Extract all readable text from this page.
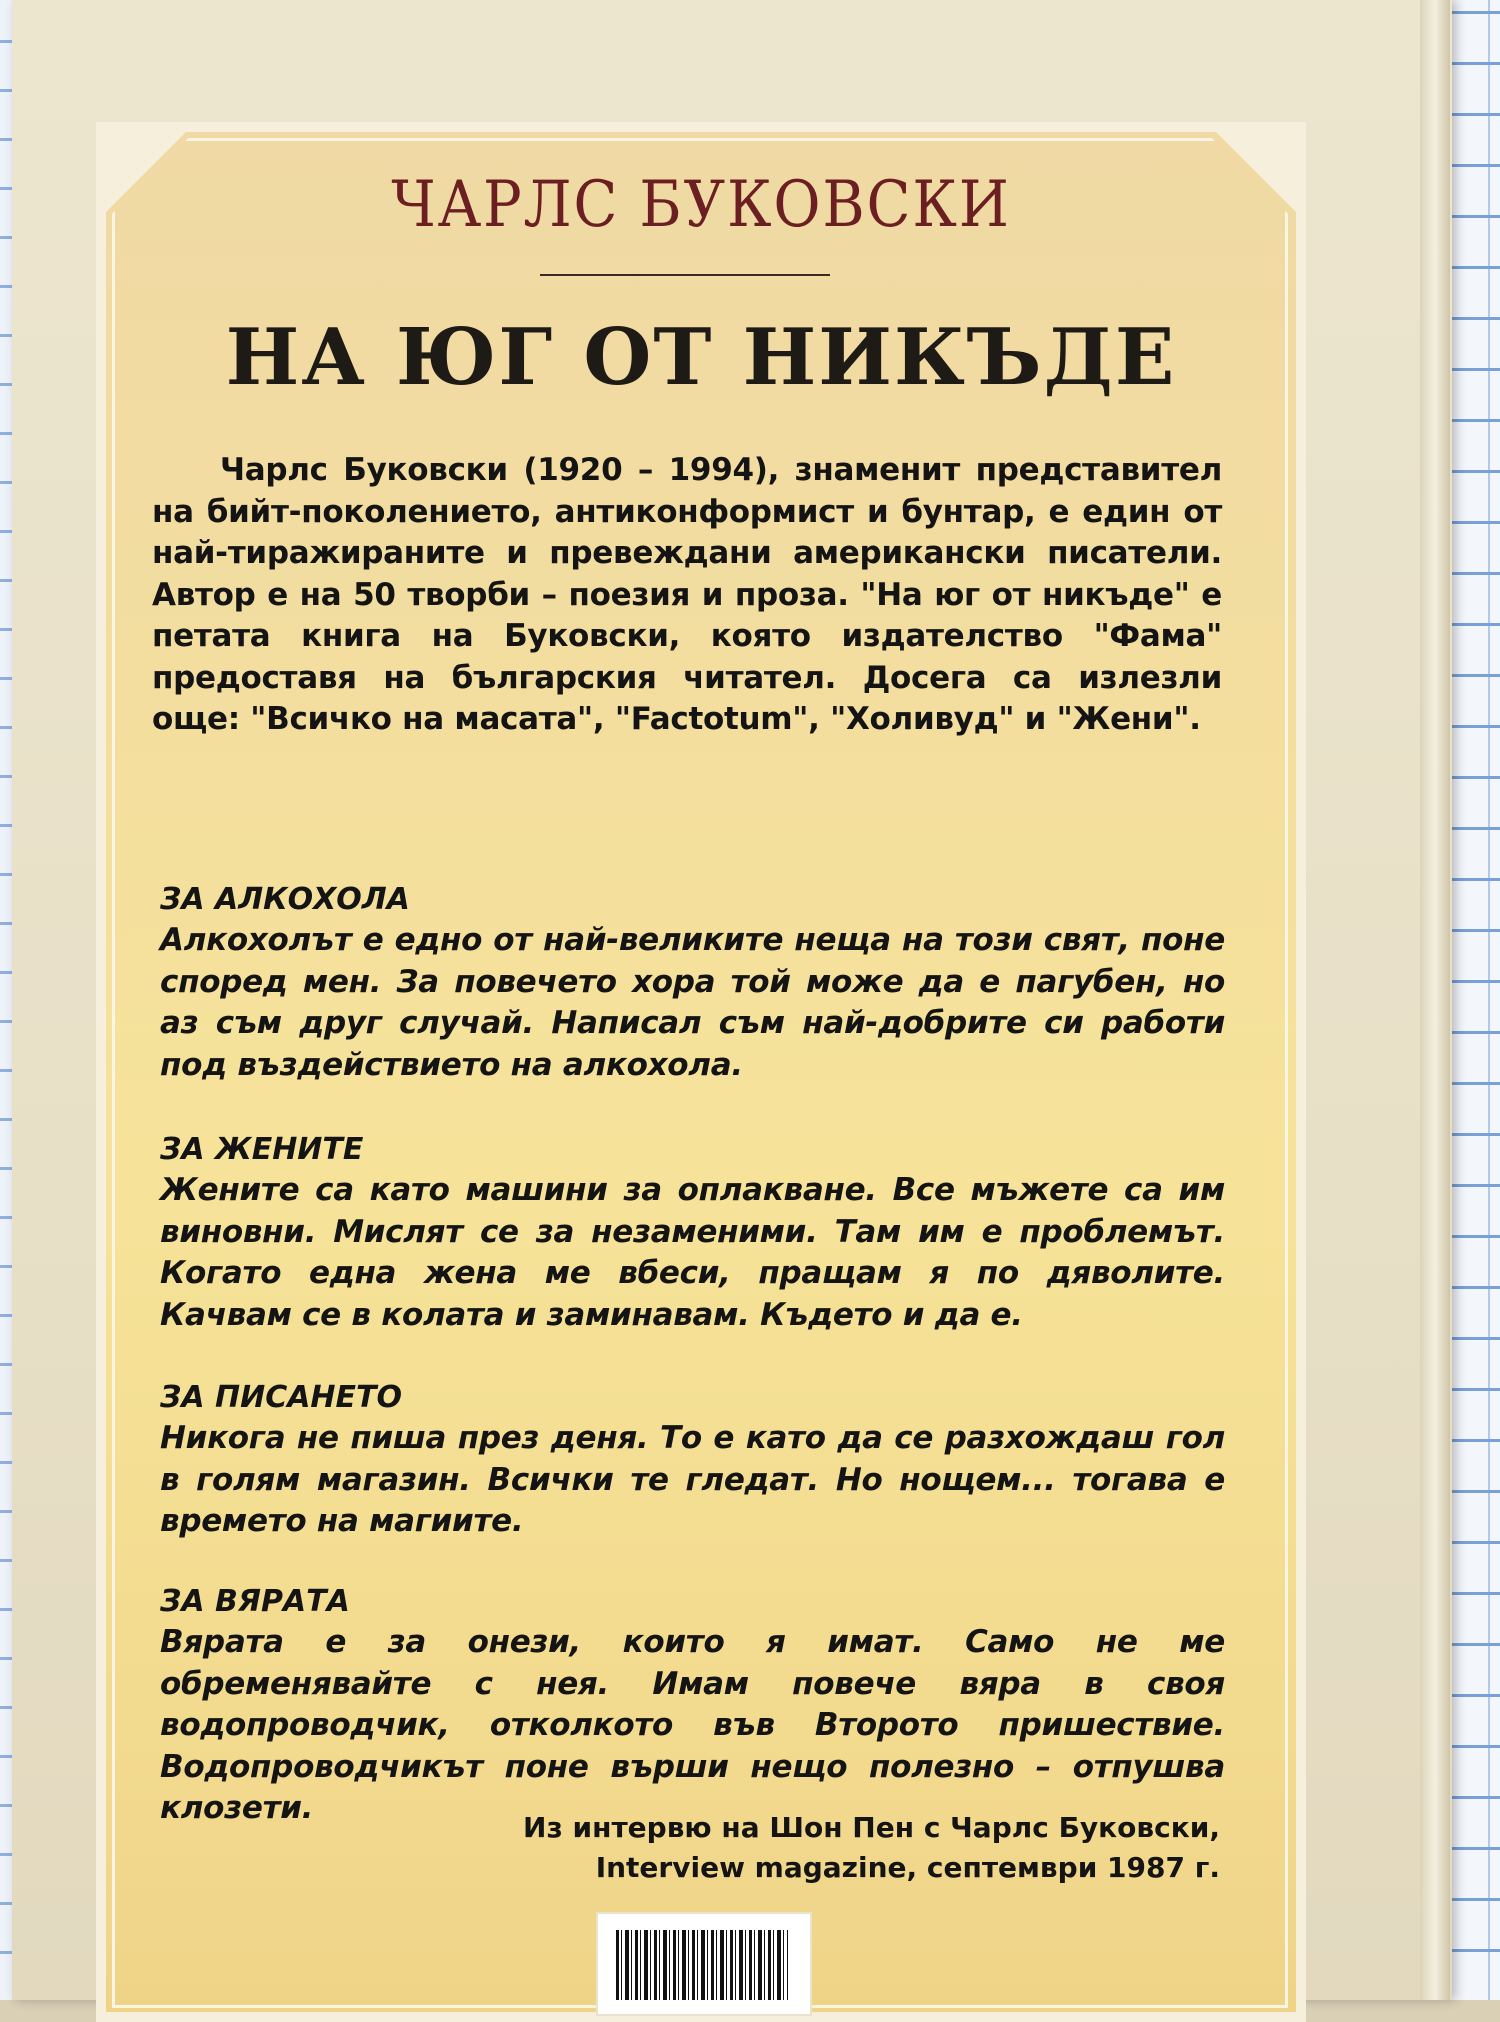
ЧАРЛС БУКОВСКИ
НА ЮГ ОТ НИКЪДЕ
Чарлс Буковски (1920 – 1994), знаменит представител на бийт-поколението, антиконформист и бунтар, е един от най-тиражираните и превеждани американски писатели. Автор е на 50 творби – поезия и проза. "На юг от никъде" е петата книга на Буковски, която издателство "Фама" предоставя на българския читател. Досега са излезли още: "Всичко на масата", "Factotum", "Холивуд" и "Жени".
ЗА АЛКОХОЛА

Алкохолът е едно от най-великите неща на този свят, поне според мен. За повечето хора той може да е пагубен, но аз съм друг случай. Написал съм най-добрите си работи под въздействието на алкохола.

ЗА ЖЕНИТЕ

Жените са като машини за оплакване. Все мъжете са им виновни. Мислят се за незаменими. Там им е проблемът. Когато една жена ме вбеси, пращам я по дяволите. Качвам се в колата и заминавам. Където и да е.

ЗА ПИСАНЕТО

Никога не пиша през деня. То е като да се разхождаш гол в голям магазин. Всички те гледат. Но нощем... тогава е времето на магиите.

ЗА ВЯРАТА

Вярата е за онези, които я имат. Само не ме обременявайте с нея. Имам повече вяра в своя водопроводчик, отколкото във Второто пришествие. Водопроводчикът поне върши нещо полезно – отпушва клозети.

Из интервю на Шон Пен с Чарлс Буковски,
Interview magazine, септември 1987 г.
